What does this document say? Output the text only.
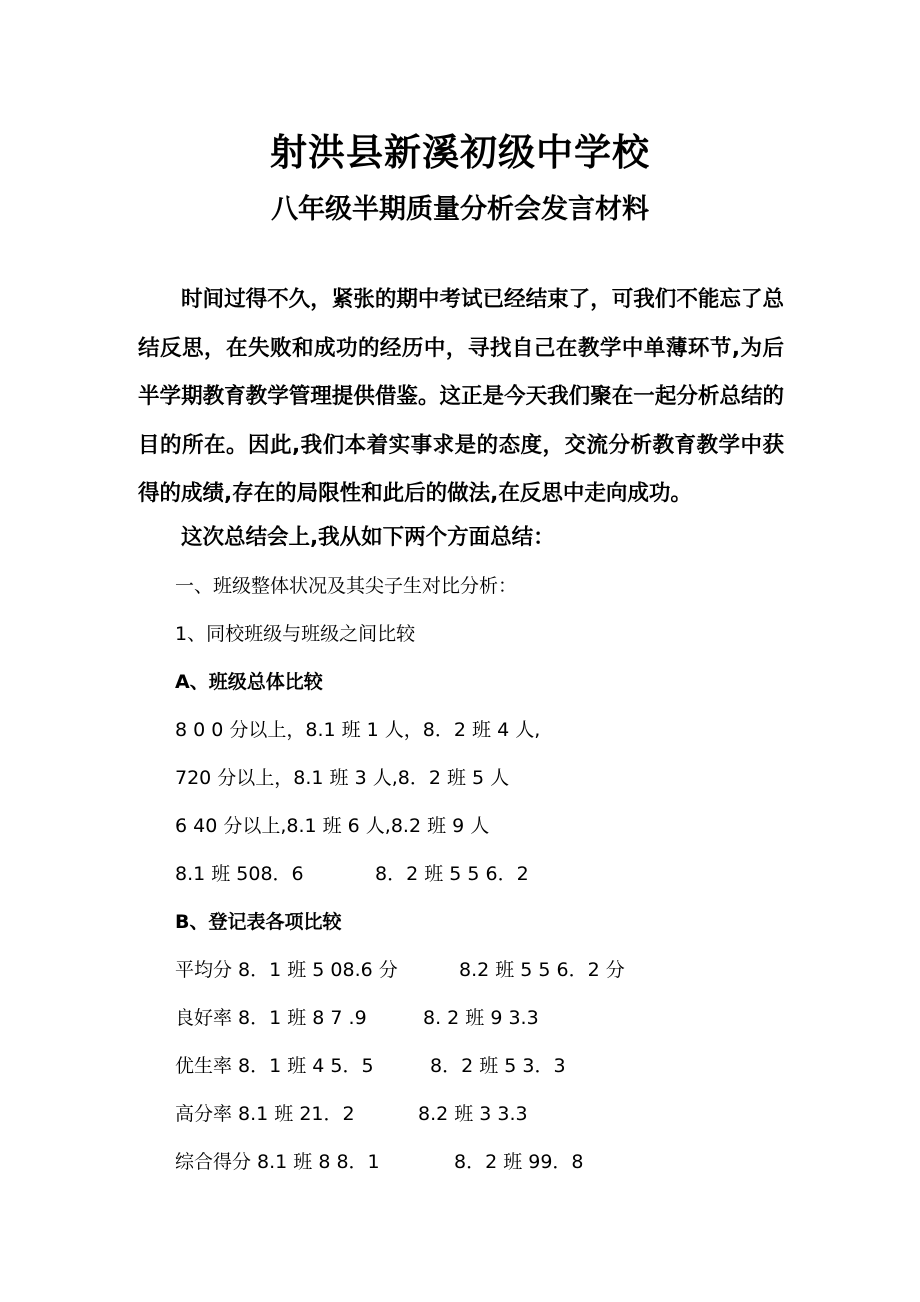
射洪县新溪初级中学校
八年级半期质量分析会发言材料

时间过得不久，紧张的期中考试已经结束了，可我们不能忘了总结反思，在失败和成功的经历中，寻找自己在教学中单薄环节,为后半学期教育教学管理提供借鉴。这正是今天我们聚在一起分析总结的目的所在。因此,我们本着实事求是的态度，交流分析教育教学中获得的成绩,存在的局限性和此后的做法,在反思中走向成功。

这次总结会上,我从如下两个方面总结：
一、班级整体状况及其尖子生对比分析：
1、同校班级与班级之间比较
A、班级总体比较
8 0 0 分以上，8.1 班 1 人，8．2 班 4 人,
720 分以上，8.1 班 3 人,8．2 班 5 人
6 40 分以上,8.1 班 6 人,8.2 班 9 人
8.1 班 508．6	8．2 班 5 5 6．2
B、登记表各项比较
平均分 8．1 班 5 08.6 分	8.2 班 5 5 6．2 分
良好率 8．1 班 8 7 .9	8. 2 班 9 3.3
优生率 8．1 班 4 5．5	8．2 班 5 3．3
高分率 8.1 班 21．2	8.2 班 3 3.3
综合得分 8.1 班 8 8．1	8．2 班 99．8
